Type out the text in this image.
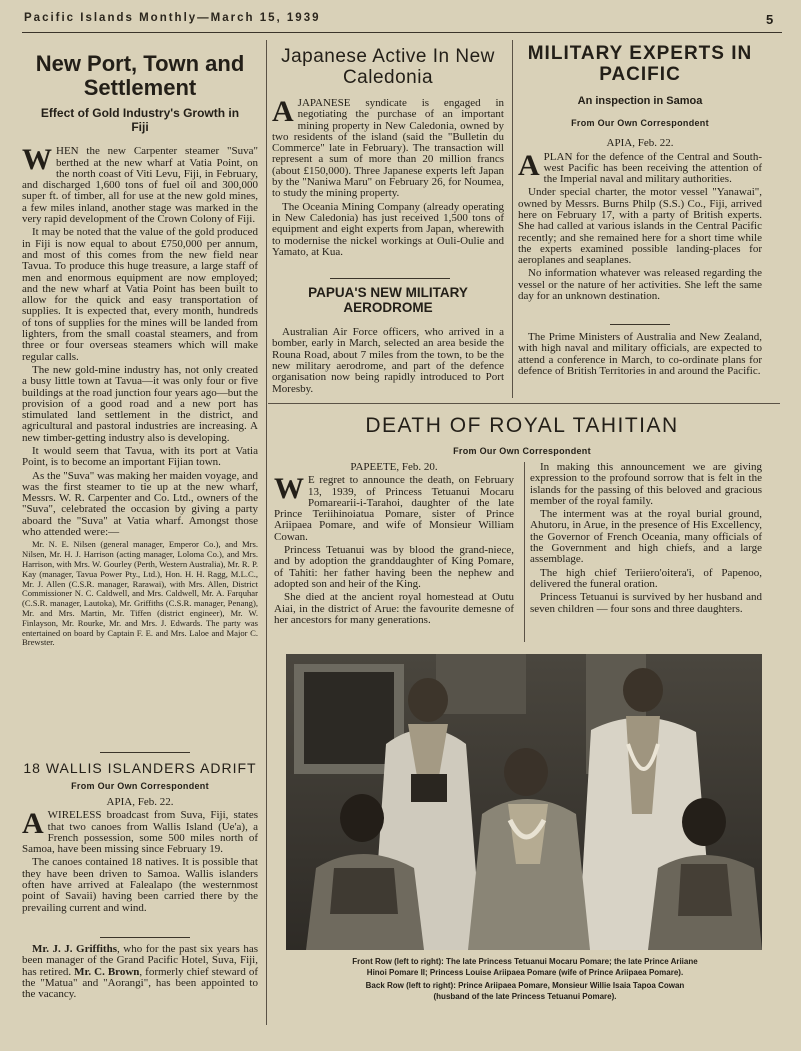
Pacific Islands Monthly—March 15, 1939	5
New Port, Town and Settlement
Effect of Gold Industry's Growth in Fiji

WHEN the new Carpenter steamer "Suva" berthed at the new wharf at Vatia Point, on the north coast of Viti Levu, Fiji, in February, and discharged 1,600 tons of fuel oil and 300,000 super ft. of timber, all for use at the new gold mines, a few miles inland, another stage was marked in the very rapid development of the Crown Colony of Fiji.

It may be noted that the value of the gold produced in Fiji is now equal to about £750,000 per annum, and most of this comes from the new field near Tavua. To produce this huge treasure, a large staff of men and enormous equipment are now employed; and the new wharf at Vatia Point has been built to allow for the quick and easy transportation of supplies. It is expected that, every month, hundreds of tons of supplies for the mines will be landed from lighters, from the small coastal steamers, and from three or four overseas steamers which will make regular calls.

The new gold-mine industry has, not only created a busy little town at Tavua—it was only four or five buildings at the road junction four years ago—but the provision of a good road and a new port has stimulated land settlement in the district, and agricultural and pastoral industries are increasing. A new timber-getting industry also is developing.

It would seem that Tavua, with its port at Vatia Point, is to become an important Fijian town.

As the "Suva" was making her maiden voyage, and was the first steamer to tie up at the new wharf, Messrs. W. R. Carpenter and Co. Ltd., owners of the "Suva", celebrated the occasion by giving a party aboard the "Suva" at Vatia wharf. Amongst those who attended were:—

Mr. N. E. Nilsen (general manager, Emperor Co.), and Mrs. Nilsen, Mr. H. J. Harrison (acting manager, Loloma Co.), and Mrs. Harrison, with Mrs. W. Gourley (Perth, Western Australia), Mr. R. P. Kay (manager, Tavua Power Pty., Ltd.), Hon. H. H. Ragg, M.L.C., Mr. J. Allen (C.S.R. manager, Rarawai), with Mrs. Allen, District Commissioner N. C. Caldwell, and Mrs. Caldwell, Mr. A. Farquhar (C.S.R. manager, Lautoka), Mr. Griffiths (C.S.R. manager, Penang), Mr. and Mrs. Martin, Mr. Tiffen (district engineer), Mr. W. Finlayson, Mr. Rourke, Mr. and Mrs. J. Edwards. The party was entertained on board by Captain F. E. and Mrs. Laloe and Major C. Brewster.

18 WALLIS ISLANDERS ADRIFT
From Our Own Correspondent

APIA, Feb. 22.

AWIRELESS broadcast from Suva, Fiji, states that two canoes from Wallis Island (Ue'a), a French possession, some 500 miles north of Samoa, have been missing since February 19.

The canoes contained 18 natives. It is possible that they have been driven to Samoa. Wallis islanders often have arrived at Falealapo (the westernmost point of Savaii) having been carried there by the prevailing current and wind.

Mr. J. J. Griffiths, who for the past six years has been manager of the Grand Pacific Hotel, Suva, Fiji, has retired. Mr. C. Brown, formerly chief steward of the "Matua" and "Aorangi", has been appointed to the vacancy.

Japanese Active In New Caledonia

AJAPANESE syndicate is engaged in negotiating the purchase of an important mining property in New Caledonia, owned by two residents of the island (said the "Bulletin du Commerce" late in February). The transaction will represent a sum of more than 20 million francs (about £150,000). Three Japanese experts left Japan by the "Naniwa Maru" on February 26, for Noumea, to study the mining property.

The Oceania Mining Company (already operating in New Caledonia) has just received 1,500 tons of equipment and eight experts from Japan, wherewith to modernise the nickel workings at Ouli-Oulie and Yamato, at Kua.

PAPUA'S NEW MILITARY AERODROME

Australian Air Force officers, who arrived in a bomber, early in March, selected an area beside the Rouna Road, about 7 miles from the town, to be the new military aerodrome, and part of the defence organisation now being rapidly introduced to Port Moresby.

MILITARY EXPERTS IN PACIFIC
An inspection in Samoa
From Our Own Correspondent

APIA, Feb. 22.

APLAN for the defence of the Central and South-west Pacific has been receiving the attention of the Imperial naval and military authorities.

Under special charter, the motor vessel "Yanawai", owned by Messrs. Burns Philp (S.S.) Co., Fiji, arrived here on February 17, with a party of British experts. She had called at various islands in the Central Pacific recently; and she remained here for a short time while the experts examined possible landing-places for aeroplanes and seaplanes.

No information whatever was released regarding the vessel or the nature of her activities. She left the same day for an unknown destination.

The Prime Ministers of Australia and New Zealand, with high naval and military officials, are expected to attend a conference in March, to co-ordinate plans for defence of British Territories in and around the Pacific.

DEATH OF ROYAL TAHITIAN
From Our Own Correspondent

PAPEETE, Feb. 20.

W E regret to announce the death, on February 13, 1939, of Princess Tetuanui Mocaru Pomarearii-i-Tarahoi, daughter of the late Prince Teriihinoiatua Pomare, sister of Prince Ariipaea Pomare, and wife of Monsieur William Cowan.

Princess Tetuanui was by blood the grand-niece, and by adoption the granddaughter of King Pomare, of Tahiti: her father having been the nephew and adopted son and heir of the King.

She died at the ancient royal homestead at Outu Aiai, in the district of Arue: the favourite demesne of her ancestors for many generations.

In making this announcement we are giving expression to the profound sorrow that is felt in the islands for the passing of this beloved and gracious member of the royal family.

The interment was at the royal burial ground, Ahutoru, in Arue, in the presence of His Excellency, the Governor of French Oceania, many officials of the Government and high chiefs, and a large assemblage.

The high chief Teriiero'oitera'i, of Papenoo, delivered the funeral oration.

Princess Tetuanui is survived by her husband and seven children — four sons and three daughters.

Front Row (left to right): The late Princess Tetuanui Mocaru Pomare; the late Prince Ariiane
Hinoi Pomare II; Princess Louise Ariipaea Pomare (wife of Prince Ariipaea Pomare).
Back Row (left to right): Prince Ariipaea Pomare, Monsieur Willie Isaia Tapoa Cowan
(husband of the late Princess Tetuanui Pomare).
